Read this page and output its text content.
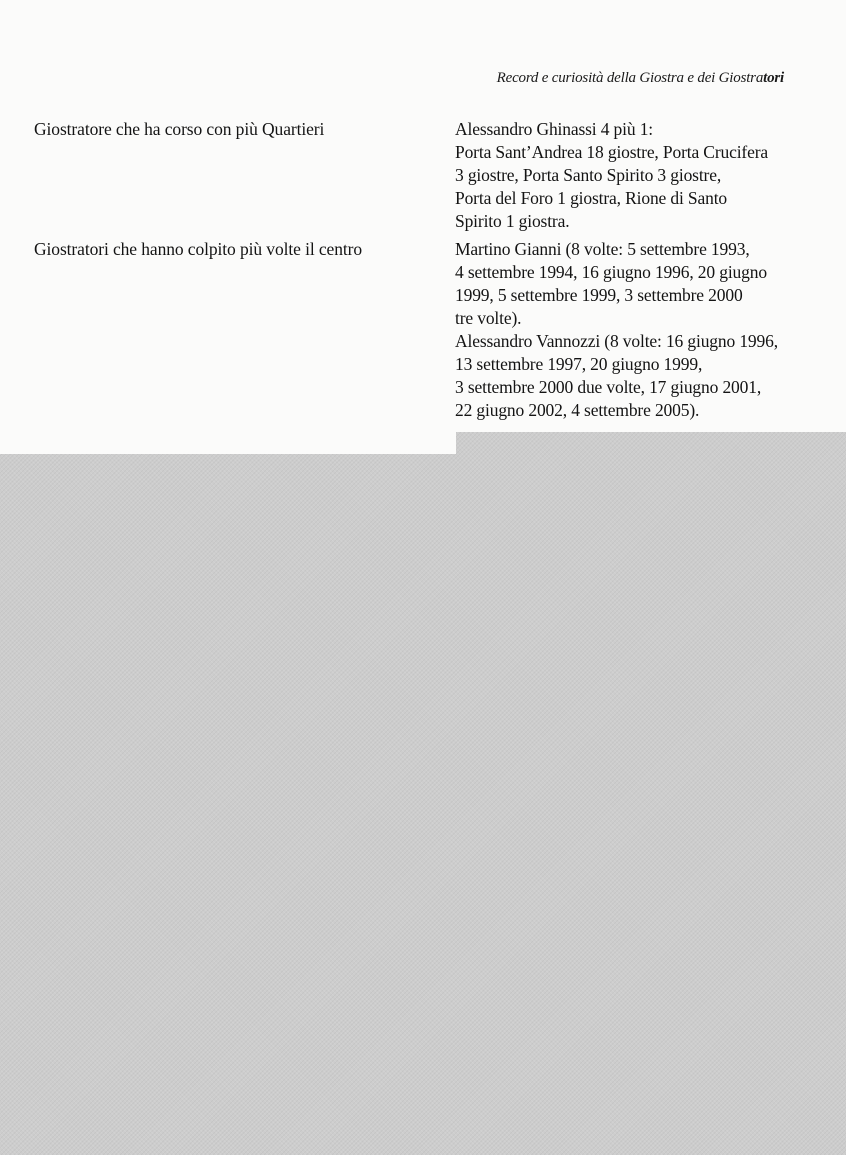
Record e curiosità della Giostra e dei Giostratori
Giostratore che ha corso con più Quartieri	Alessandro Ghinassi 4 più 1:
Porta Sant’Andrea 18 giostre, Porta Crucifera
3 giostre, Porta Santo Spirito 3 giostre,
Porta del Foro 1 giostra, Rione di Santo
Spirito 1 giostra.
Giostratori che hanno colpito più volte il centro	Martino Gianni (8 volte: 5 settembre 1993,
4 settembre 1994, 16 giugno 1996, 20 giugno
1999, 5 settembre 1999, 3 settembre 2000
tre volte).
Alessandro Vannozzi (8 volte: 16 giugno 1996,
13 settembre 1997, 20 giugno 1999,
3 settembre 2000 due volte, 17 giugno 2001,
22 giugno 2002, 4 settembre 2005).
